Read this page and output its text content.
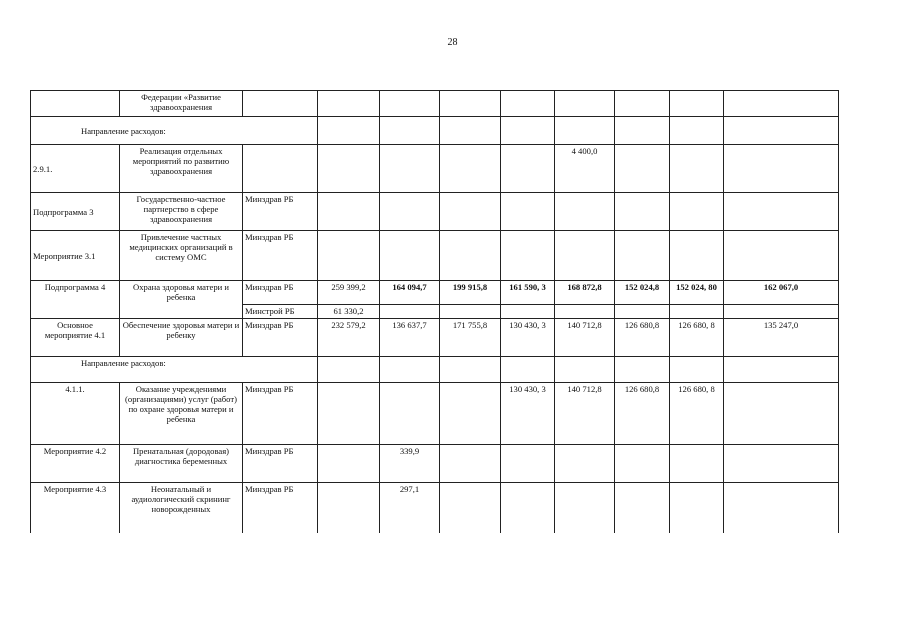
28
	Федерации «Развитие здравоохранения									
Направление расходов:										
2.9.1.	Реализация отдельных мероприятий по развитию здравоохранения						4 400,0			
Подпрограмма 3	Государственно-частное партнерство в сфере здравоохранения	Минздрав РБ								
Мероприятие 3.1	Привлечение частных медицинских организаций в систему ОМС	Минздрав РБ								
Подпрограмма 4	Охрана здоровья матери и ребенка	Минздрав РБ	259 399,2	164 094,7	199 915,8	161 590, 3	168 872,8	152 024,8	152 024, 80	162 067,0
		Минстрой РБ	61 330,2							
Основное мероприятие 4.1	Обеспечение здоровья матери и ребенку	Минздрав РБ	232 579,2	136 637,7	171 755,8	130 430, 3	140 712,8	126 680,8	126 680, 8	135 247,0
Направление расходов:										
4.1.1.	Оказание учреждениями (организациями) услуг (работ) по охране здоровья матери и ребенка	Минздрав РБ				130 430, 3	140 712,8	126 680,8	126 680, 8	
Мероприятие 4.2	Пренатальная (дородовая) диагностика беременных	Минздрав РБ		339,9						
Мероприятие 4.3	Неонатальный и аудиологический скрининг новорожденных	Минздрав РБ		297,1						
